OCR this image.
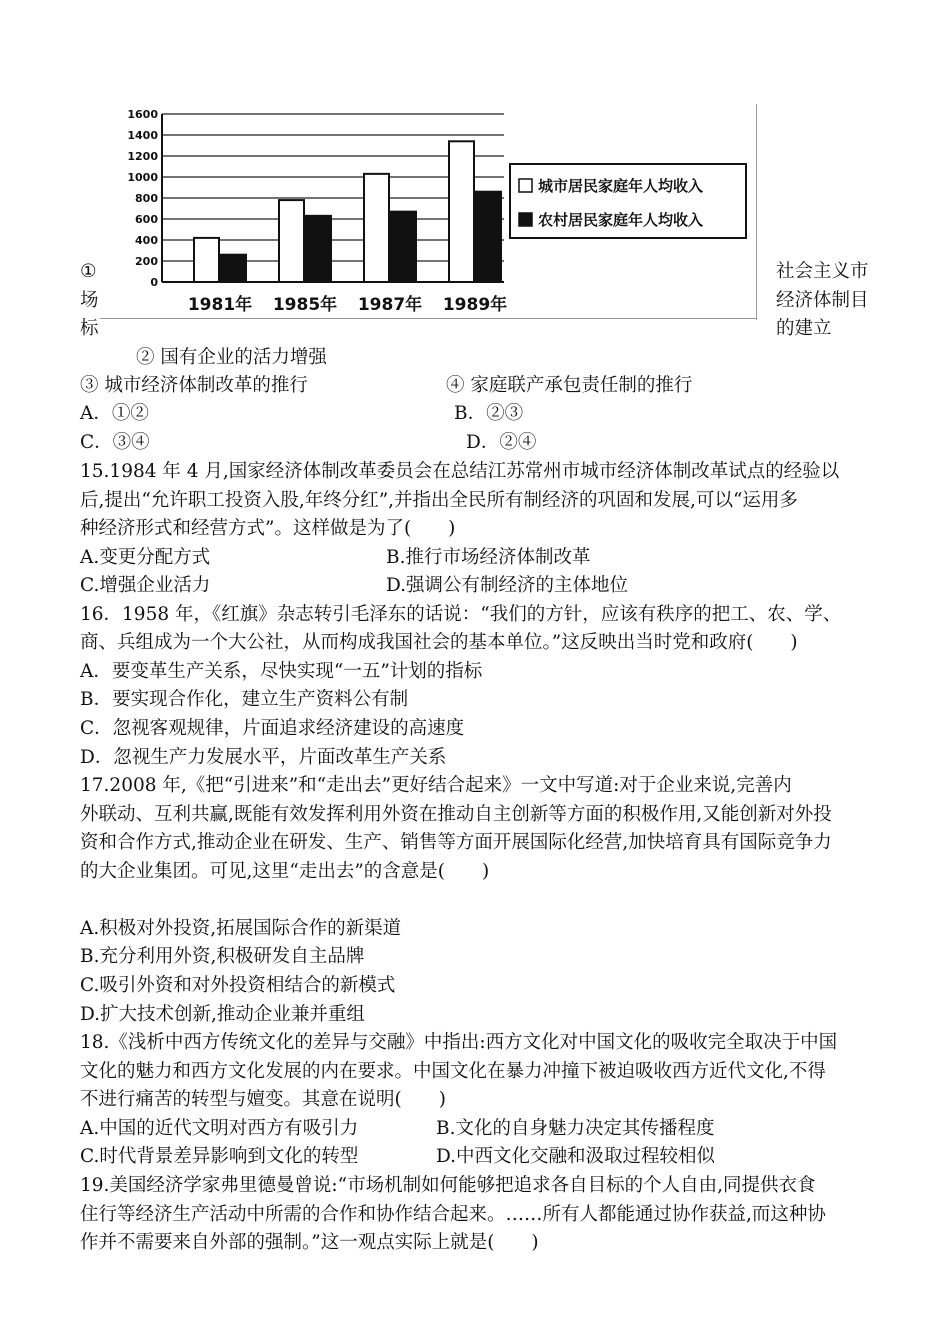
0
200
400
600
800
1000
1200
1400
1600
1981年 1985年 1987年 1989年
城市居民家庭年人均收入
农村居民家庭年人均收入
①
场
标
社会主义市
经济体制目
的建立
② 国有企业的活力增强
③ 城市经济体制改革的推行	④ 家庭联产承包责任制的推行
A．①②	B．②③
C．③④	D．②④
15.1984 年 4 月,国家经济体制改革委员会在总结江苏常州市城市经济体制改革试点的经验以
后,提出“允许职工投资入股,年终分红”,并指出全民所有制经济的巩固和发展,可以“运用多
种经济形式和经营方式”。这样做是为了(　　)
A.变更分配方式	B.推行市场经济体制改革
C.增强企业活力	D.强调公有制经济的主体地位
16．1958 年，《红旗》杂志转引毛泽东的话说：“我们的方针，应该有秩序的把工、农、学、
商、兵组成为一个大公社，从而构成我国社会的基本单位。”这反映出当时党和政府(　　)
A．要变革生产关系，尽快实现“一五”计划的指标
B．要实现合作化，建立生产资料公有制
C．忽视客观规律，片面追求经济建设的高速度
D．忽视生产力发展水平，片面改革生产关系
17.2008 年,《把“引进来”和“走出去”更好结合起来》一文中写道:对于企业来说,完善内
外联动、互利共赢,既能有效发挥利用外资在推动自主创新等方面的积极作用,又能创新对外投
资和合作方式,推动企业在研发、生产、销售等方面开展国际化经营,加快培育具有国际竞争力
的大企业集团。可见,这里“走出去”的含意是(　　)
A.积极对外投资,拓展国际合作的新渠道
B.充分利用外资,积极研发自主品牌
C.吸引外资和对外投资相结合的新模式
D.扩大技术创新,推动企业兼并重组
18.《浅析中西方传统文化的差异与交融》中指出:西方文化对中国文化的吸收完全取决于中国
文化的魅力和西方文化发展的内在要求。中国文化在暴力冲撞下被迫吸收西方近代文化,不得
不进行痛苦的转型与嬗变。其意在说明(　　)
A.中国的近代文明对西方有吸引力	B.文化的自身魅力决定其传播程度
C.时代背景差异影响到文化的转型	D.中西文化交融和汲取过程较相似
19.美国经济学家弗里德曼曾说:“市场机制如何能够把追求各自目标的个人自由,同提供衣食
住行等经济生产活动中所需的合作和协作结合起来。……所有人都能通过协作获益,而这种协
作并不需要来自外部的强制。”这一观点实际上就是(　　)
